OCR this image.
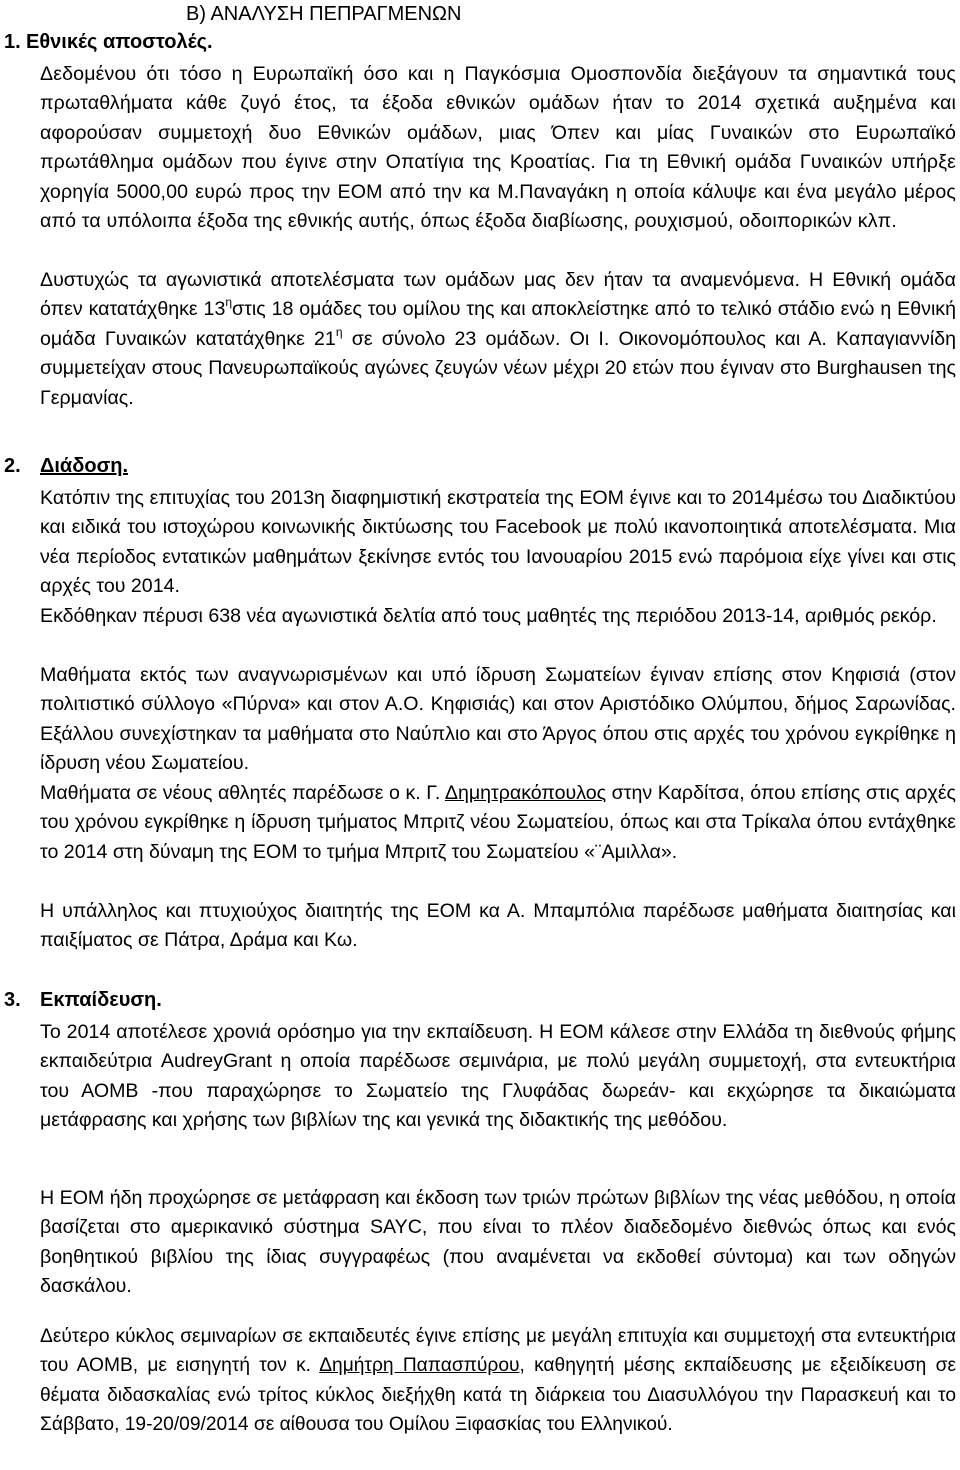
Β) ΑΝΑΛΥΣΗ ΠΕΠΡΑΓΜΕΝΩΝ
1. Εθνικές αποστολές.

Δεδομένου ότι τόσο η Ευρωπαϊκή όσο και η Παγκόσμια Ομοσπονδία διεξάγουν τα σημαντικά τους πρωταθλήματα κάθε ζυγό έτος, τα έξοδα εθνικών ομάδων ήταν το 2014 σχετικά αυξημένα και αφορούσαν συμμετοχή δυο Εθνικών ομάδων, μιας Όπεν και μίας Γυναικών στο Ευρωπαϊκό πρωτάθλημα ομάδων που έγινε στην Οπατίγια της Κροατίας. Για τη Εθνική ομάδα Γυναικών υπήρξε χορηγία 5000,00 ευρώ προς την ΕΟΜ από την κα Μ.Παναγάκη η οποία κάλυψε και ένα μεγάλο μέρος από τα υπόλοιπα έξοδα της εθνικής αυτής, όπως έξοδα διαβίωσης, ρουχισμού, οδοιπορικών κλπ.

Δυστυχώς τα αγωνιστικά αποτελέσματα των ομάδων μας δεν ήταν τα αναμενόμενα. Η Εθνική ομάδα όπεν κατατάχθηκε $13^\eta\sigma\tau\iota\varsigma$ 18 ομάδες του ομίλου της και αποκλείστηκε από το τελικό στάδιο ενώ η Εθνική ομάδα Γυναικών κατατάχθηκε $21^\eta$ σε σύνολο 23 ομάδων. Οι Ι. Οικονομόπουλος και Α. Καπαγιαννίδη συμμετείχαν στους Πανευρωπαϊκούς αγώνες ζευγών νέων μέχρι 20 ετών που έγιναν στο Burghausen της Γερμανίας.

2. Διάδοση.

Κατόπιν της επιτυχίας του 2013η διαφημιστική εκστρατεία της ΕΟΜ έγινε και το 2014μέσω του Διαδικτύου και ειδικά του ιστοχώρου κοινωνικής δικτύωσης του Facebook με πολύ ικανοποιητικά αποτελέσματα. Μια νέα περίοδος εντατικών μαθημάτων ξεκίνησε εντός του Ιανουαρίου 2015 ενώ παρόμοια είχε γίνει και στις αρχές του 2014.

Εκδόθηκαν πέρυσι 638 νέα αγωνιστικά δελτία από τους μαθητές της περιόδου 2013-14, αριθμός ρεκόρ.

Μαθήματα εκτός των αναγνωρισμένων και υπό ίδρυση Σωματείων έγιναν επίσης στον Κηφισιά (στον πολιτιστικό σύλλογο «Πύρνα» και στον Α.Ο. Κηφισιάς) και στον Αριστόδικο Ολύμπου, δήμος Σαρωνίδας. Εξάλλου συνεχίστηκαν τα μαθήματα στο Ναύπλιο και στο Άργος όπου στις αρχές του χρόνου εγκρίθηκε η ίδρυση νέου Σωματείου.

Μαθήματα σε νέους αθλητές παρέδωσε ο κ. Γ. Δημητρακόπουλος στην Καρδίτσα, όπου επίσης στις αρχές του χρόνου εγκρίθηκε η ίδρυση τμήματος Μπριτζ νέου Σωματείου, όπως και στα Τρίκαλα όπου εντάχθηκε το 2014 στη δύναμη της ΕΟΜ το τμήμα Μπριτζ του Σωματείου «¨Αμιλλα».

Η υπάλληλος και πτυχιούχος διαιτητής της ΕΟΜ κα Α. Μπαμπόλια παρέδωσε μαθήματα διαιτησίας και παιξίματος σε Πάτρα, Δράμα και Κω.

3. Εκπαίδευση.

Το 2014 αποτέλεσε χρονιά ορόσημο για την εκπαίδευση. Η ΕΟΜ κάλεσε στην Ελλάδα τη διεθνούς φήμης εκπαιδεύτρια AudreyGrant η οποία παρέδωσε σεμινάρια, με πολύ μεγάλη συμμετοχή, στα εντευκτήρια του ΑΟΜΒ -που παραχώρησε το Σωματείο της Γλυφάδας δωρεάν- και εκχώρησε τα δικαιώματα μετάφρασης και χρήσης των βιβλίων της και γενικά της διδακτικής της μεθόδου.

Η ΕΟΜ ήδη προχώρησε σε μετάφραση και έκδοση των τριών πρώτων βιβλίων της νέας μεθόδου, η οποία βασίζεται στο αμερικανικό σύστημα SAYC, που είναι το πλέον διαδεδομένο διεθνώς όπως και ενός βοηθητικού βιβλίου της ίδιας συγγραφέως (που αναμένεται να εκδοθεί σύντομα) και των οδηγών δασκάλου.

Δεύτερο κύκλος σεμιναρίων σε εκπαιδευτές έγινε επίσης με μεγάλη επιτυχία και συμμετοχή στα εντευκτήρια του ΑΟΜΒ, με εισηγητή τον κ. Δημήτρη Παπασπύρου, καθηγητή μέσης εκπαίδευσης με εξειδίκευση σε θέματα διδασκαλίας ενώ τρίτος κύκλος διεξήχθη κατά τη διάρκεια του Διασυλλόγου την Παρασκευή και το Σάββατο, 19-20/09/2014 σε αίθουσα του Ομίλου Ξιφασκίας του Ελληνικού.
